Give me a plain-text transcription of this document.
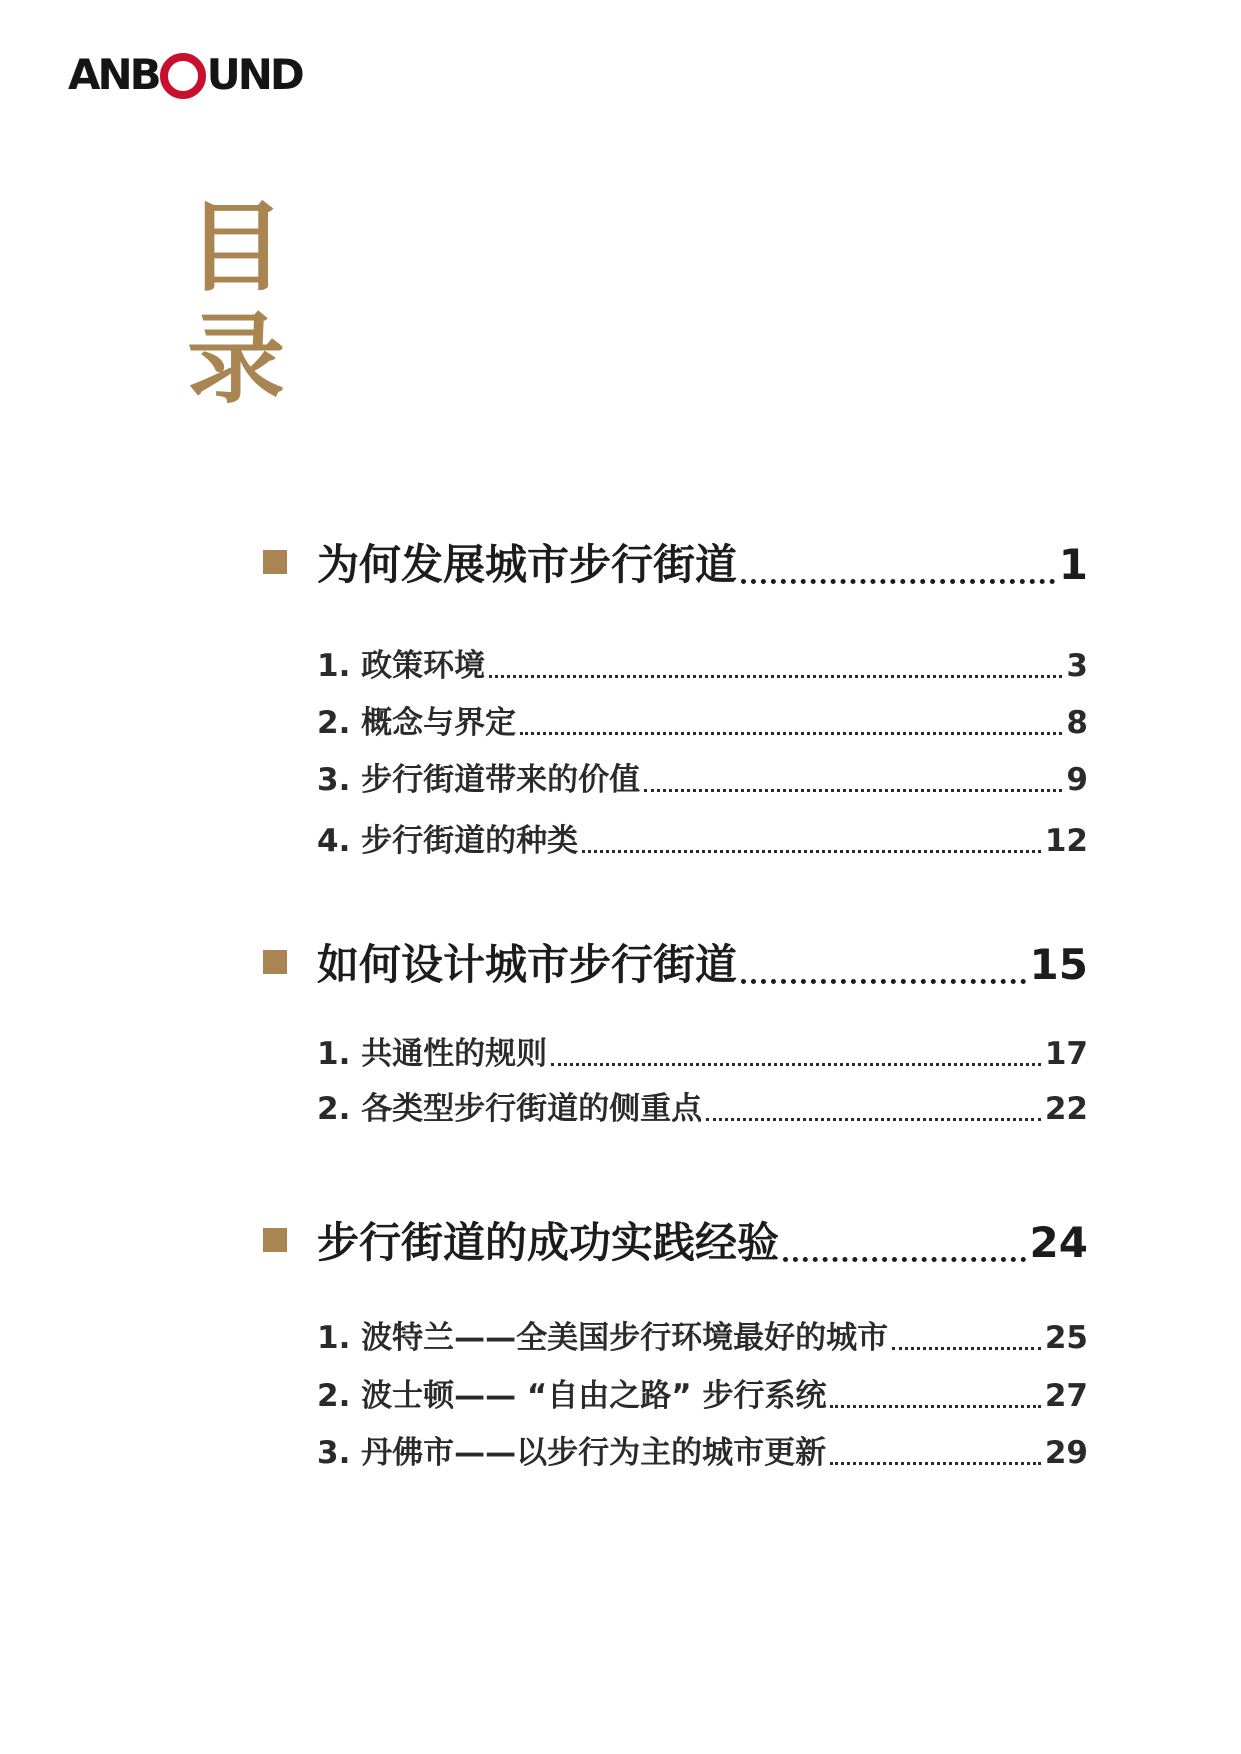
ANB UND
目
录
为何发展城市步行街道	1
1. 政策环境	3
2. 概念与界定	8
3. 步行街道带来的价值	9
4. 步行街道的种类	12
如何设计城市步行街道	15
1. 共通性的规则	17
2. 各类型步行街道的侧重点	22
步行街道的成功实践经验	24
1. 波特兰——全美国步行环境最好的城市	25
2. 波士顿—— “自由之路” 步行系统	27
3. 丹佛市——以步行为主的城市更新	29
